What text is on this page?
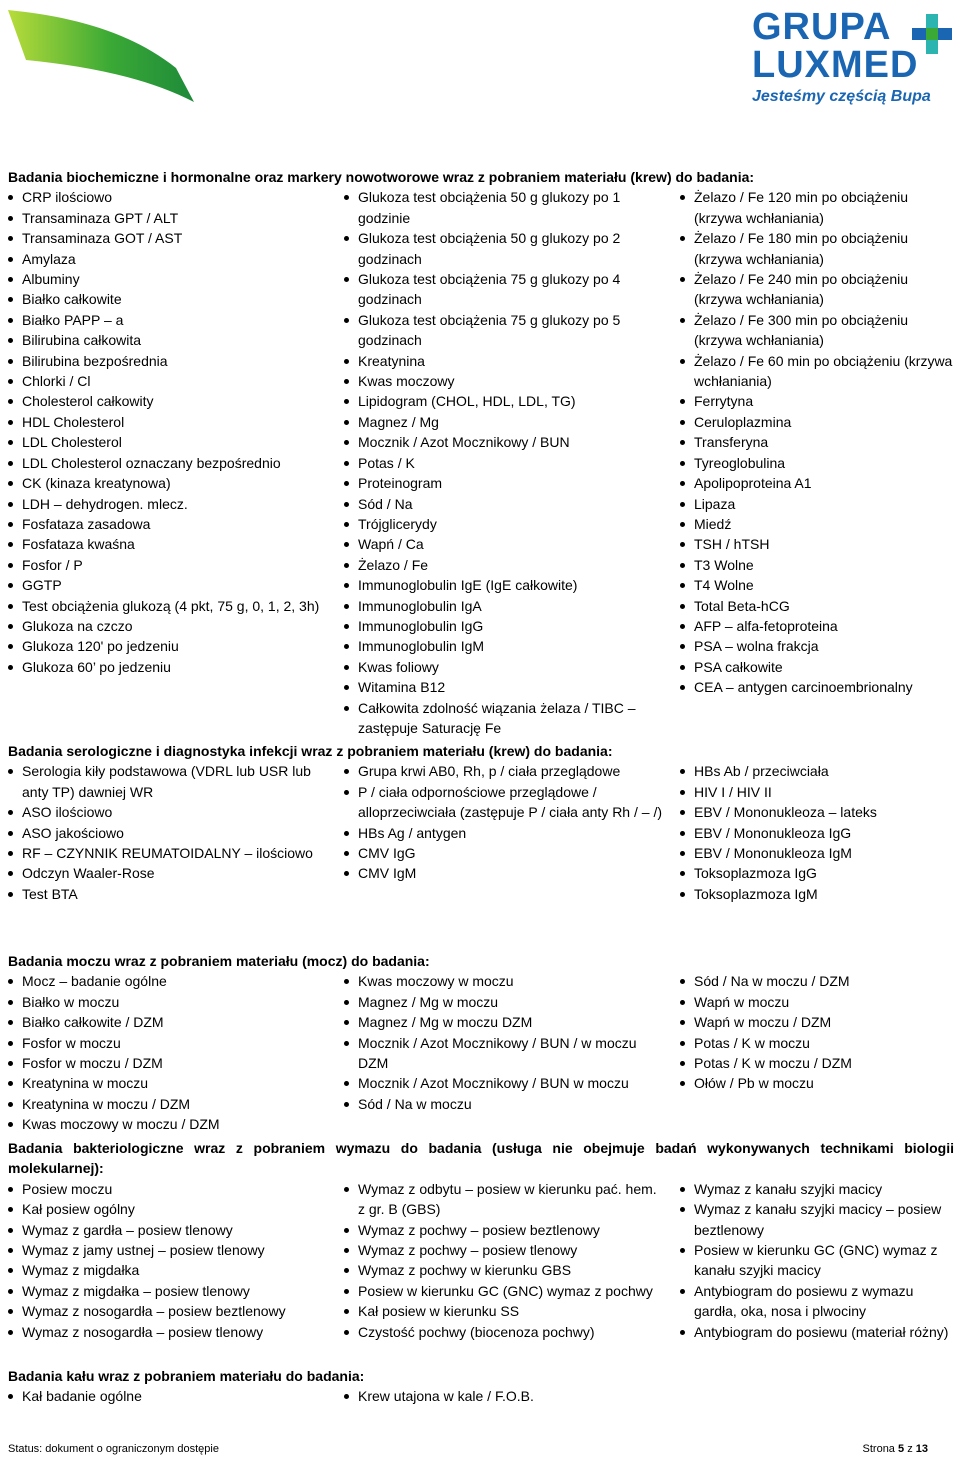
GRUPA
LUXMED
Jesteśmy częścią Bupa
Badania biochemiczne i hormonalne oraz markery nowotworowe wraz z pobraniem materiału (krew) do badania:
CRP ilościowo
Transaminaza GPT / ALT
Transaminaza GOT / AST
Amylaza
Albuminy
Białko całkowite
Białko PAPP – a
Bilirubina całkowita
Bilirubina bezpośrednia
Chlorki / Cl
Cholesterol całkowity
HDL Cholesterol
LDL Cholesterol
LDL Cholesterol oznaczany bezpośrednio
CK (kinaza kreatynowa)
LDH – dehydrogen. mlecz.
Fosfataza zasadowa
Fosfataza kwaśna
Fosfor / P
GGTP
Test obciążenia glukozą (4 pkt, 75 g, 0, 1, 2, 3h)
Glukoza na czczo
Glukoza 120' po jedzeniu
Glukoza 60’ po jedzeniu
Glukoza test obciążenia 50 g glukozy po 1 godzinie
Glukoza test obciążenia 50 g glukozy po 2 godzinach
Glukoza test obciążenia 75 g glukozy po 4 godzinach
Glukoza test obciążenia 75 g glukozy po 5 godzinach
Kreatynina
Kwas moczowy
Lipidogram (CHOL, HDL, LDL, TG)
Magnez / Mg
Mocznik / Azot Mocznikowy / BUN
Potas / K
Proteinogram
Sód / Na
Trójglicerydy
Wapń / Ca
Żelazo / Fe
Immunoglobulin IgE (IgE całkowite)
Immunoglobulin IgA
Immunoglobulin IgG
Immunoglobulin IgM
Kwas foliowy
Witamina B12
Całkowita zdolność wiązania żelaza / TIBC – zastępuje Saturację Fe
Żelazo / Fe 120 min po obciążeniu (krzywa wchłaniania)
Żelazo / Fe 180 min po obciążeniu (krzywa wchłaniania)
Żelazo / Fe 240 min po obciążeniu (krzywa wchłaniania)
Żelazo / Fe 300 min po obciążeniu (krzywa wchłaniania)
Żelazo / Fe 60 min po obciążeniu (krzywa wchłaniania)
Ferrytyna
Ceruloplazmina
Transferyna
Tyreoglobulina
Apolipoproteina A1
Lipaza
Miedź
TSH / hTSH
T3 Wolne
T4 Wolne
Total Beta-hCG
AFP – alfa-fetoproteina
PSA – wolna frakcja
PSA całkowite
CEA – antygen carcinoembrionalny
Badania serologiczne i diagnostyka infekcji wraz z pobraniem materiału (krew) do badania:
Serologia kiły podstawowa (VDRL lub USR lub anty TP) dawniej WR
ASO ilościowo
ASO jakościowo
RF – CZYNNIK REUMATOIDALNY – ilościowo
Odczyn Waaler-Rose
Test BTA
Grupa krwi AB0, Rh, p / ciała przeglądowe
P / ciała odpornościowe przeglądowe / alloprzeciwciała (zastępuje P / ciała anty Rh / – /)
HBs Ag / antygen
CMV IgG
CMV IgM
HBs Ab / przeciwciała
HIV I / HIV II
EBV / Mononukleoza – lateks
EBV / Mononukleoza IgG
EBV / Mononukleoza IgM
Toksoplazmoza IgG
Toksoplazmoza IgM
Badania moczu wraz z pobraniem materiału (mocz) do badania:
Mocz – badanie ogólne
Białko w moczu
Białko całkowite / DZM
Fosfor w moczu
Fosfor w moczu / DZM
Kreatynina w moczu
Kreatynina w moczu / DZM
Kwas moczowy w moczu / DZM
Kwas moczowy w moczu
Magnez / Mg w moczu
Magnez / Mg w moczu DZM
Mocznik / Azot Mocznikowy / BUN / w moczu DZM
Mocznik / Azot Mocznikowy / BUN w moczu
Sód / Na w moczu
Sód / Na w moczu / DZM
Wapń w moczu
Wapń w moczu / DZM
Potas / K w moczu
Potas / K w moczu / DZM
Ołów / Pb w moczu
Badania bakteriologiczne wraz z pobraniem wymazu do badania (usługa nie obejmuje badań wykonywanych technikami biologii molekularnej):
Posiew moczu
Kał posiew ogólny
Wymaz z gardła – posiew tlenowy
Wymaz z jamy ustnej – posiew tlenowy
Wymaz z migdałka
Wymaz z migdałka – posiew tlenowy
Wymaz z nosogardła – posiew beztlenowy
Wymaz z nosogardła – posiew tlenowy
Wymaz z odbytu – posiew w kierunku pać. hem. z gr. B (GBS)
Wymaz z pochwy – posiew beztlenowy
Wymaz z pochwy – posiew tlenowy
Wymaz z pochwy w kierunku GBS
Posiew w kierunku GC (GNC) wymaz z pochwy
Kał posiew w kierunku SS
Czystość pochwy (biocenoza pochwy)
Wymaz z kanału szyjki macicy
Wymaz z kanału szyjki macicy – posiew beztlenowy
Posiew w kierunku GC (GNC) wymaz z kanału szyjki macicy
Antybiogram do posiewu z wymazu gardła, oka, nosa i plwociny
Antybiogram do posiewu (materiał różny)
Badania kału wraz z pobraniem materiału do badania:
Kał badanie ogólne	Krew utajona w kale / F.O.B.
Status: dokument o ograniczonym dostępie	Strona 5 z 13
